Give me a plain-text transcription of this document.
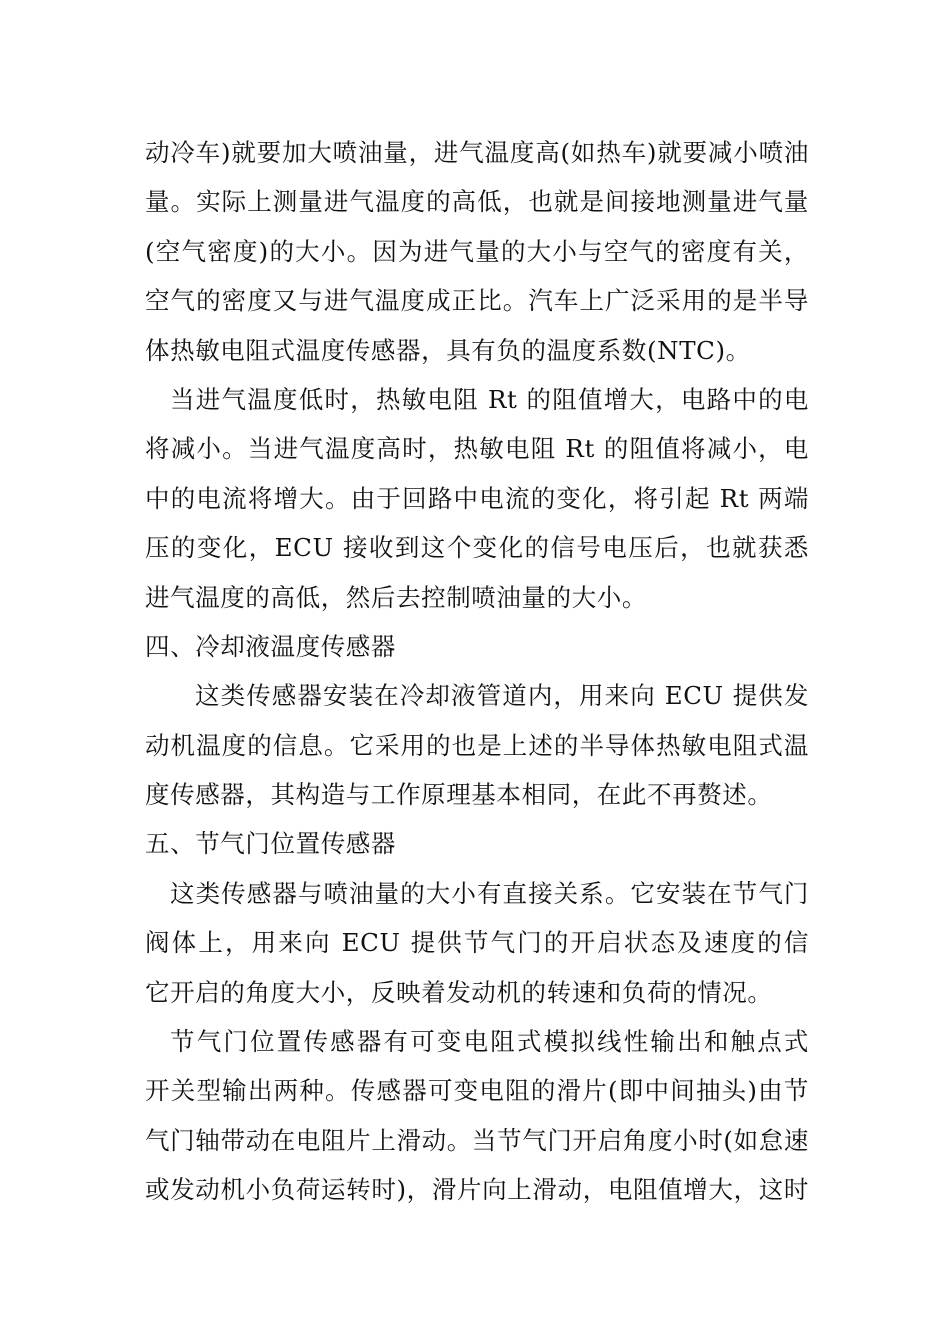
动冷车)就要加大喷油量，进气温度高(如热车)就要减小喷油
量。实际上测量进气温度的高低，也就是间接地测量进气量
(空气密度)的大小。因为进气量的大小与空气的密度有关，
空气的密度又与进气温度成正比。汽车上广泛采用的是半导
体热敏电阻式温度传感器，具有负的温度系数(NTC)。
当进气温度低时，热敏电阻 Rt 的阻值增大，电路中的电
将减小。当进气温度高时，热敏电阻 Rt 的阻值将减小，电
中的电流将增大。由于回路中电流的变化，将引起 Rt 两端
压的变化，ECU 接收到这个变化的信号电压后，也就获悉
进气温度的高低，然后去控制喷油量的大小。
四、冷却液温度传感器
这类传感器安装在冷却液管道内，用来向 ECU 提供发
动机温度的信息。它采用的也是上述的半导体热敏电阻式温
度传感器，其构造与工作原理基本相同，在此不再赘述。
五、节气门位置传感器
这类传感器与喷油量的大小有直接关系。它安装在节气门
阀体上，用来向 ECU 提供节气门的开启状态及速度的信
它开启的角度大小，反映着发动机的转速和负荷的情况。
节气门位置传感器有可变电阻式模拟线性输出和触点式
开关型输出两种。传感器可变电阻的滑片(即中间抽头)由节
气门轴带动在电阻片上滑动。当节气门开启角度小时(如怠速
或发动机小负荷运转时)，滑片向上滑动，电阻值增大，这时
